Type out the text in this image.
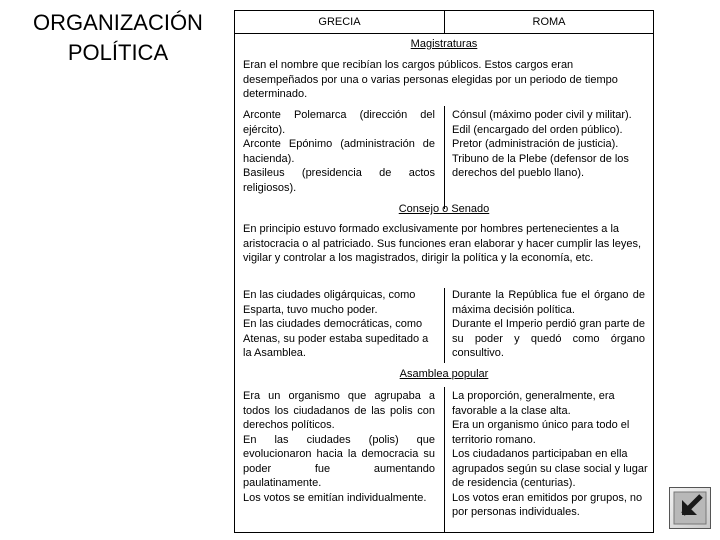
ORGANIZACIÓN POLÍTICA
GRECIA	ROMA
Magistraturas
Eran el nombre que recibían los cargos públicos. Estos cargos eran desempeñados por una o varias personas elegidas por un periodo de tiempo determinado.
Arconte Polemarca (dirección del ejército).
Arconte Epónimo (administración de hacienda).
Basileus (presidencia de actos religiosos).
Cónsul (máximo poder civil y militar).
Edil (encargado del orden público).
Pretor (administración de justicia).
Tribuno de la Plebe (defensor de los derechos del pueblo llano).
Consejo o Senado
En principio estuvo formado exclusivamente por hombres pertenecientes a la aristocracia o al patriciado. Sus funciones eran elaborar y hacer cumplir las leyes, vigilar y controlar a los magistrados, dirigir la política y la economía, etc.
En las ciudades oligárquicas, como Esparta, tuvo mucho poder.
En las ciudades democráticas, como Atenas, su poder estaba supeditado a la Asamblea.
Durante la República fue el órgano de máxima decisión política.
Durante el Imperio perdió gran parte de su poder y quedó como órgano consultivo.
Asamblea popular
Era un organismo que agrupaba a todos los ciudadanos de las polis con derechos políticos.
En las ciudades (polis) que evolucionaron hacia la democracia su poder fue aumentando paulatinamente.
Los votos se emitían individualmente.
La proporción, generalmente, era favorable a la clase alta.
Era un organismo único para todo el territorio romano.
Los ciudadanos participaban en ella agrupados según su clase social y lugar de residencia (centurias).
Los votos eran emitidos por grupos, no por personas individuales.
